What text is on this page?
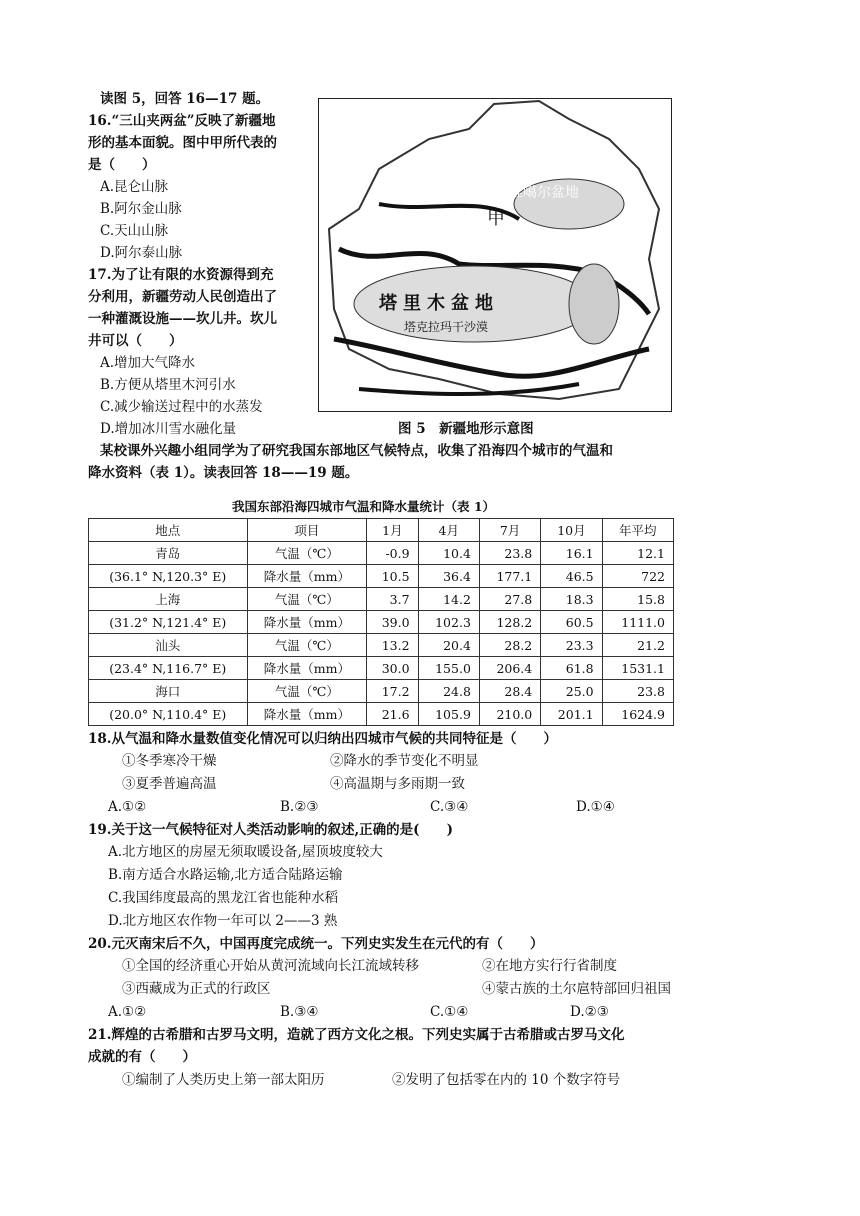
读图 5，回答 16—17 题。
16.“三山夹两盆”反映了新疆地
形的基本面貌。图中甲所代表的
是（　　）
A.昆仑山脉
B.阿尔金山脉
C.天山山脉
D.阿尔泰山脉
17.为了让有限的水资源得到充
分利用，新疆劳动人民创造出了
一种灌溉设施——坎儿井。坎儿
井可以（　　）
A.增加大气降水
B.方便从塔里木河引水
C.减少输送过程中的水蒸发
D.增加冰川雪水融化量
准噶尔盆地
甲
塔里木盆地
塔克拉玛干沙漠
图 5　新疆地形示意图
某校课外兴趣小组同学为了研究我国东部地区气候特点，收集了沿海四个城市的气温和
降水资料（表 1）。读表回答 18——19 题。
我国东部沿海四城市气温和降水量统计（表 1）
地点	项目	1月	4月	7月	10月	年平均
青岛	气温（℃）	-0.9	10.4	23.8	16.1	12.1
(36.1° N,120.3° E)	降水量（mm）	10.5	36.4	177.1	46.5	722
上海	气温（℃）	3.7	14.2	27.8	18.3	15.8
(31.2° N,121.4° E)	降水量（mm）	39.0	102.3	128.2	60.5	1111.0
汕头	气温（℃）	13.2	20.4	28.2	23.3	21.2
(23.4° N,116.7° E)	降水量（mm）	30.0	155.0	206.4	61.8	1531.1
海口	气温（℃）	17.2	24.8	28.4	25.0	23.8
(20.0° N,110.4° E)	降水量（mm）	21.6	105.9	210.0	201.1	1624.9
18.从气温和降水量数值变化情况可以归纳出四城市气候的共同特征是（　　）
①冬季寒冷干燥	②降水的季节变化不明显
③夏季普遍高温	④高温期与多雨期一致
A.①②	B.②③	C.③④	D.①④
19.关于这一气候特征对人类活动影响的叙述,正确的是(　　)
A.北方地区的房屋无须取暖设备,屋顶坡度较大
B.南方适合水路运输,北方适合陆路运输
C.我国纬度最高的黑龙江省也能种水稻
D.北方地区农作物一年可以 2——3 熟
20.元灭南宋后不久，中国再度完成统一。下列史实发生在元代的有（　　）
①全国的经济重心开始从黄河流域向长江流域转移	②在地方实行行省制度
③西藏成为正式的行政区	④蒙古族的土尔扈特部回归祖国
A.①②	B.③④	C.①④	D.②③
21.辉煌的古希腊和古罗马文明，造就了西方文化之根。下列史实属于古希腊或古罗马文化
成就的有（　　）
①编制了人类历史上第一部太阳历	②发明了包括零在内的 10 个数字符号
